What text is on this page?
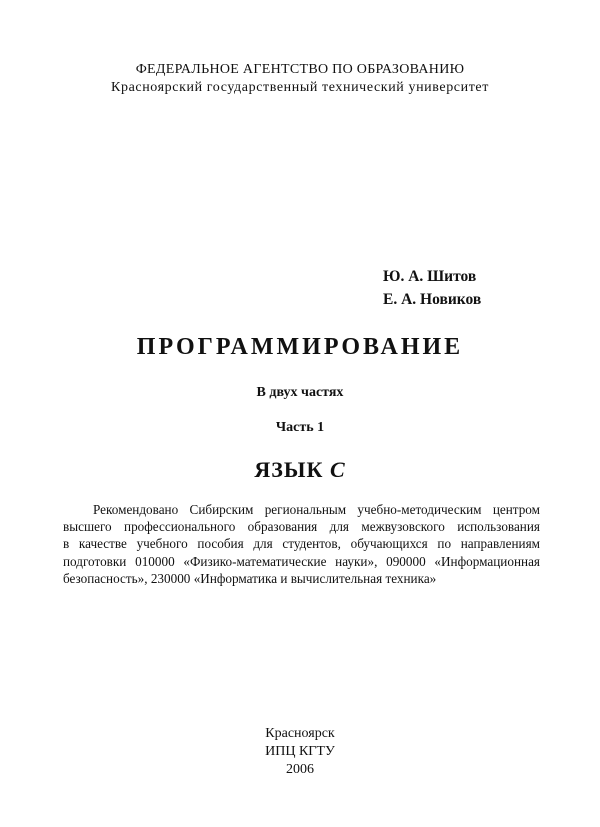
ФЕДЕРАЛЬНОЕ АГЕНТСТВО ПО ОБРАЗОВАНИЮ
Красноярский государственный технический университет
Ю. А. Шитов
Е. А. Новиков
ПРОГРАММИРОВАНИЕ
В двух частях
Часть 1
ЯЗЫК C
Рекомендовано Сибирским региональным учебно-методическим центром
высшего профессионального образования для межвузовского использования
в качестве учебного пособия для студентов, обучающихся по направлениям
подготовки 010000 «Физико-математические науки», 090000 «Информационная
безопасность», 230000 «Информатика и вычислительная техника»
Красноярск
ИПЦ КГТУ
2006
